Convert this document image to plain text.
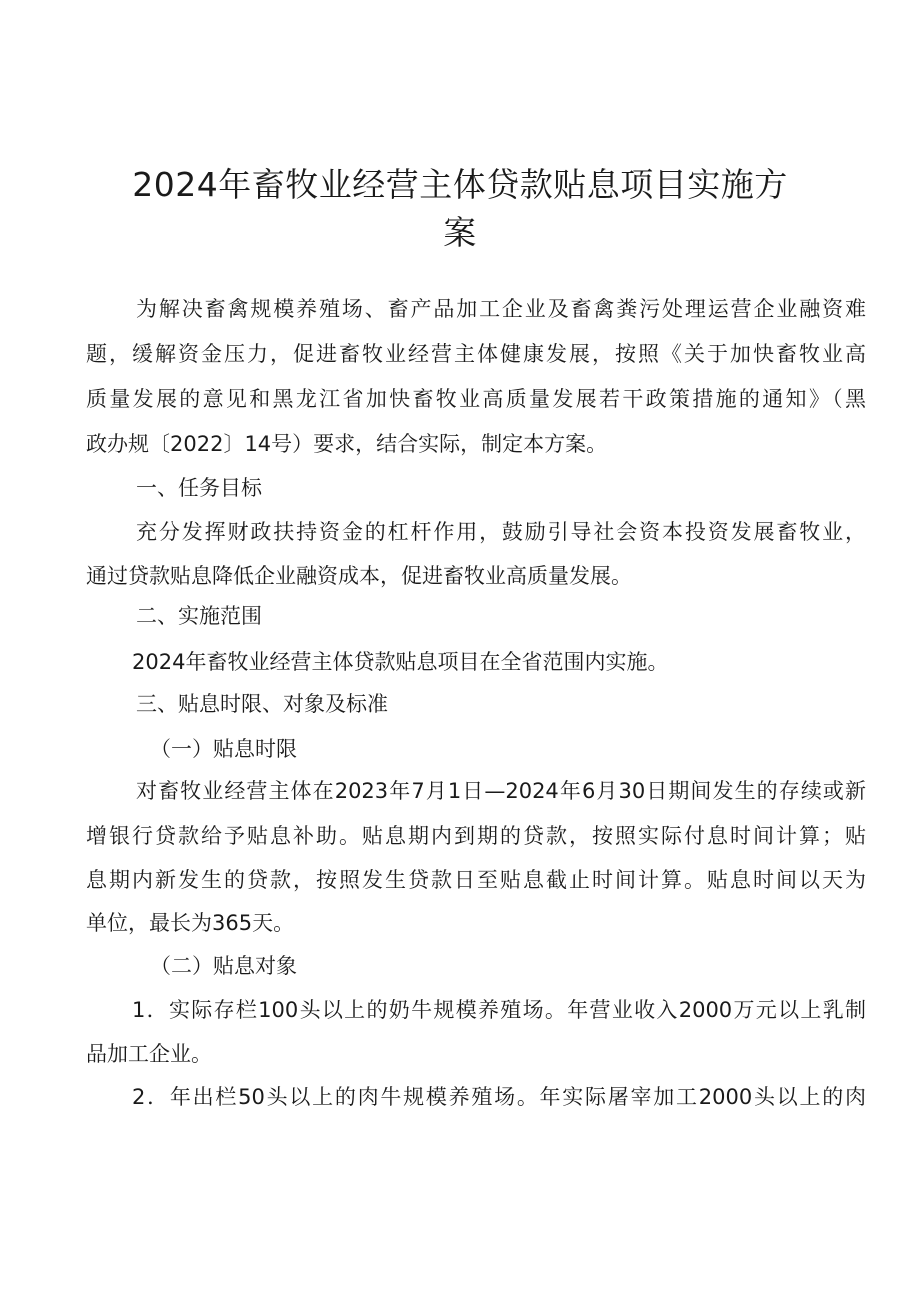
2024年畜牧业经营主体贷款贴息项目实施方
案
为解决畜禽规模养殖场、畜产品加工企业及畜禽粪污处理运营企业融资难
题，缓解资金压力，促进畜牧业经营主体健康发展，按照《关于加快畜牧业高
质量发展的意见和黑龙江省加快畜牧业高质量发展若干政策措施的通知》（黑
政办规〔2022〕14号）要求，结合实际，制定本方案。
一、任务目标
充分发挥财政扶持资金的杠杆作用，鼓励引导社会资本投资发展畜牧业，
通过贷款贴息降低企业融资成本，促进畜牧业高质量发展。
二、实施范围
2024年畜牧业经营主体贷款贴息项目在全省范围内实施。
三、贴息时限、对象及标准
（一）贴息时限
对畜牧业经营主体在2023年7月1日—2024年6月30日期间发生的存续或新
增银行贷款给予贴息补助。贴息期内到期的贷款，按照实际付息时间计算；贴
息期内新发生的贷款，按照发生贷款日至贴息截止时间计算。贴息时间以天为
单位，最长为365天。
（二）贴息对象
1．实际存栏100头以上的奶牛规模养殖场。年营业收入2000万元以上乳制
品加工企业。
2．年出栏50头以上的肉牛规模养殖场。年实际屠宰加工2000头以上的肉
